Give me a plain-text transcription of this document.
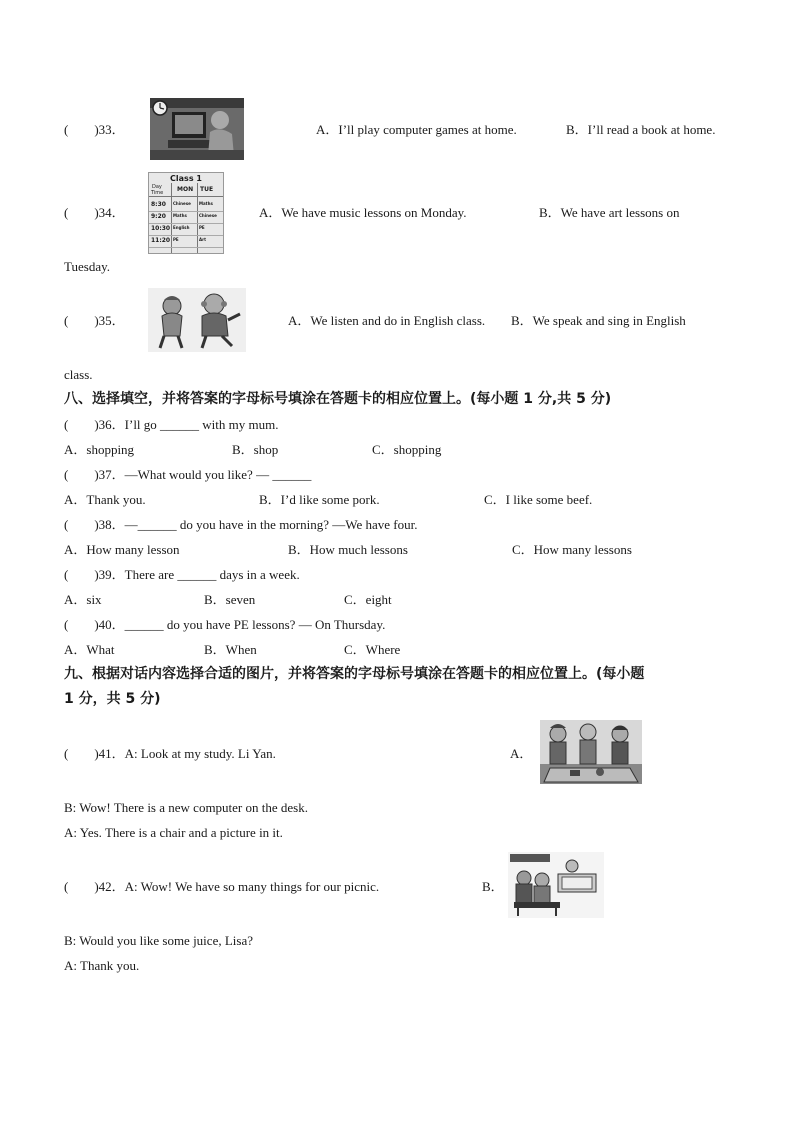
(　　)33．	A．I’ll play computer games at home.	B．I’ll read a book at home.
(　　)34．
Class 1
Day
Time MON TUE
8:30 Chinese Maths
9:20 Maths	Chinese
10:30 English PE
11:20 PE	Art
A．We have music lessons on Monday.	B．We have art lessons on
Tuesday.
(　　)35．	A．We listen and do in English class. B．We speak and sing in English
class.
八、选择填空，并将答案的字母标号填涂在答题卡的相应位置上。(每小题 1 分,共 5 分)
(　　)36．I’ll go ______ with my mum.
A．shopping	B．shop	C．shopping
(　　)37．—What would you like? — ______
A．Thank you.	B．I’d like some pork.	C．I like some beef.
(　　)38．—______ do you have in the morning? —We have four.
A．How many lesson	B．How much lessons	C．How many lessons
(　　)39．There are ______ days in a week.
A．six	B．seven	C．eight
(　　)40．______ do you have PE lessons? — On Thursday.
A．What	B．When	C．Where
九、根据对话内容选择合适的图片，并将答案的字母标号填涂在答题卡的相应位置上。(每小题
1 分，共 5 分)
(　　)41．A: Look at my study. Li Yan.	A．
B: Wow! There is a new computer on the desk.
A: Yes. There is a chair and a picture in it.
(　　)42．A: Wow! We have so many things for our picnic.	B．
B: Would you like some juice, Lisa?
A: Thank you.
